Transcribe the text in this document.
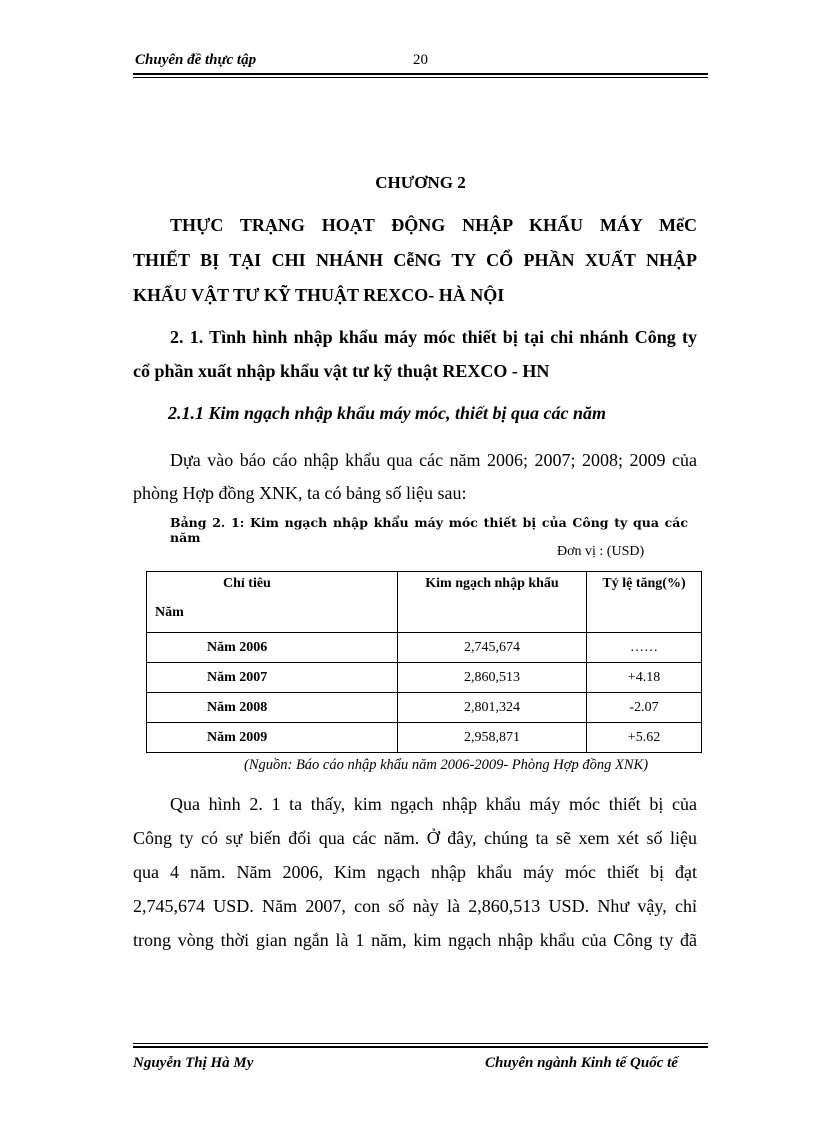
Chuyên đề thực tập	20
CHƯƠNG 2
THỰC TRẠNG HOẠT ĐỘNG NHẬP KHẨU MÁY MểC
THIẾT BỊ TẠI CHI NHÁNH CễNG TY CỔ PHẦN XUẤT NHẬP
KHẨU VẬT TƯ KỸ THUẬT REXCO- HÀ NỘI
2. 1. Tình hình nhập khẩu máy móc thiết bị tại chi nhánh Công ty
cổ phần xuất nhập khẩu vật tư kỹ thuật REXCO - HN
2.1.1 Kim ngạch nhập khẩu máy móc, thiết bị qua các năm
Dựa vào báo cáo nhập khẩu qua các năm 2006; 2007; 2008; 2009 của
phòng Hợp đồng XNK, ta có bảng số liệu sau:
Bảng 2. 1: Kim ngạch nhập khẩu máy móc thiết bị của Công ty qua các năm
Đơn vị : (USD)
Chỉ tiêu
Năm	Kim ngạch nhập khẩu	Tỷ lệ tăng(%)

Năm 2006	2,745,674	……
Năm 2007	2,860,513	+4.18
Năm 2008	2,801,324	-2.07
Năm 2009	2,958,871	+5.62
(Nguồn: Báo cáo nhập khẩu năm 2006-2009- Phòng Hợp đồng XNK)
Qua hình 2. 1 ta thấy, kim ngạch nhập khẩu máy móc thiết bị của
Công ty có sự biến đổi qua các năm. Ở đây, chúng ta sẽ xem xét số liệu
qua 4 năm. Năm 2006, Kim ngạch nhập khẩu máy móc thiết bị đạt
2,745,674 USD. Năm 2007, con số này là 2,860,513 USD. Như vậy, chỉ
trong vòng thời gian ngắn là 1 năm, kim ngạch nhập khẩu của Công ty đã
Nguyễn Thị Hà My	Chuyên ngành Kinh tế Quốc tế
